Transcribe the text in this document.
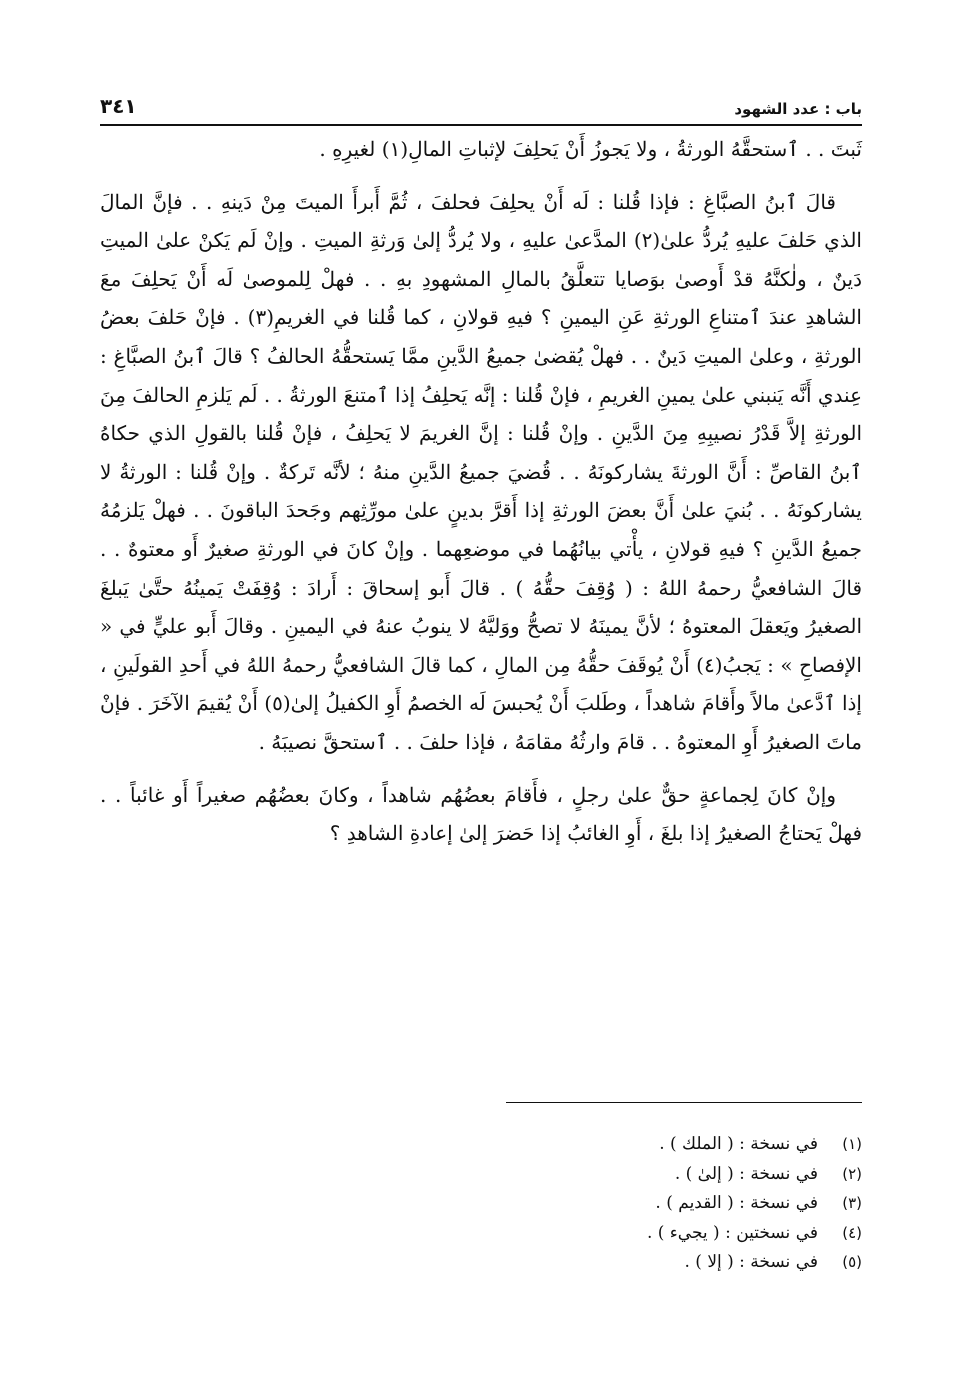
باب : عدد الشهود
٣٤١

ثَبتَ . . ٱستحقَّهُ الورثةُ ، ولا يَجوزُ أَنْ يَحلِفَ لإثباتِ المالِ(١) لغيرِهِ .

قالَ ٱبنُ الصبَّاغِ : فإذا قُلنا : لَه أَنْ يحلِفَ فحلفَ ، ثُمَّ أَبرأَ الميتَ مِنْ دَينهِ . . فإنَّ المالَ الذي حَلفَ عليهِ يُردُّ علىٰ(٢) المدَّعىٰ عليهِ ، ولا يُردُّ إلىٰ وَرثةِ الميتِ . وإنْ لَم يَكنْ علىٰ الميتِ دَينٌ ، ولٰكنَّهُ قدْ أَوصىٰ بوَصايا تتعلَّقُ بالمالِ المشهودِ بهِ . . فهلْ لِلموصىٰ لَه أَنْ يَحلِفَ معَ الشاهدِ عندَ ٱمتناعِ الورثةِ عَنِ اليمينِ ؟ فيهِ قولانِ ، كما قُلنا في الغريمِ(٣) . فإنْ حَلفَ بعضُ الورثةِ ، وعلىٰ الميتِ دَينٌ . . فهلْ يُقضىٰ جميعُ الدَّينِ ممَّا يَستحقُّهُ الحالفُ ؟ قالَ ٱبنُ الصبَّاغِ : عِندي أَنَّه يَنبني علىٰ يمينِ الغريمِ ، فإنْ قُلنا : إنَّه يَحلِفُ إذا ٱمتنعَ الورثةُ . . لَم يَلزمِ الحالفَ مِنَ الورثةِ إلاَّ قَدْرُ نصيبِهِ مِنَ الدَّينِ . وإنْ قُلنا : إنَّ الغريمَ لا يَحلِفُ ، فإنْ قُلنا بالقولِ الذي حكاهُ ٱبنُ القاصِّ : أَنَّ الورثةَ يشاركونَهُ . . قُضيَ جميعُ الدَّينِ منهُ ؛ لأنَّه تَركةٌ . وإنْ قُلنا : الورثةُ لا يشاركونَهُ . . بُنيَ علىٰ أَنَّ بعضَ الورثةِ إذا أَقرَّ بدينٍ علىٰ مورِّثِهم وجَحدَ الباقونَ . . فهلْ يَلزمُهُ جميعُ الدَّينِ ؟ فيهِ قولانِ ، يأْتي بيانُهُما في موضعِهما . وإنْ كانَ في الورثةِ صغيرٌ أَو معتوهٌ . . قالَ الشافعيُّ رحمهُ اللهُ : ( وُقِفَ حقُّهُ ) . قالَ أَبو إسحاقَ : أَرادَ : وُقِفَتْ يَمينُهُ حتَّىٰ يَبلغَ الصغيرُ ويَعقلَ المعتوهُ ؛ لأنَّ يمينَهُ لا تصحُّ ووَليَّهُ لا ينوبُ عنهُ في اليمينِ . وقالَ أَبو عليٍّ في « الإفصاحِ » : يَجبُ(٤) أَنْ يُوقَفَ حقُّهُ مِن المالِ ، كما قالَ الشافعيُّ رحمهُ اللهُ في أَحدِ القولَينِ ، إذا ٱدَّعىٰ مالاً وأَقامَ شاهداً ، وطَلبَ أَنْ يُحبسَ لَه الخصمُ أَوِ الكفيلُ إلىٰ(٥) أَنْ يُقيمَ الآخَرَ . فإنْ ماتَ الصغيرُ أَوِ المعتوهُ . . قامَ وارثُهُ مقامَهُ ، فإذا حلفَ . . ٱستحقَّ نصيبَهُ .

وإنْ كانَ لِجماعةٍ حقٌّ علىٰ رجلٍ ، فأَقامَ بعضُهُم شاهداً ، وكانَ بعضُهُم صغيراً أَو غائباً . . فهلْ يَحتاجُ الصغيرُ إذا بلغَ ، أَوِ الغائبُ إذا حَضرَ إلىٰ إعادةِ الشاهدِ ؟

(١)
في نسخة : ( الملك ) .
(٢)
في نسخة : ( إلىٰ ) .
(٣)
في نسخة : ( القديم ) .
(٤)
في نسختين : ( يجيء ) .
(٥)
في نسخة : ( إلا ) .
